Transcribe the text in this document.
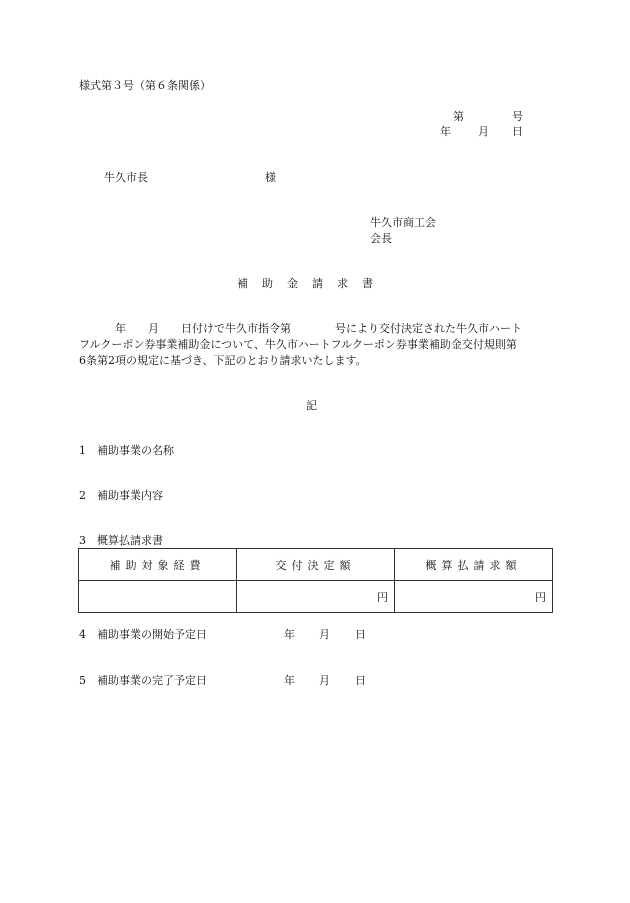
様式第３号（第６条関係）
第	号
年 月 日
牛久市長	様
牛久市商工会
会長
補助金請求書
年 月 日付けで牛久市指令第	号により交付決定された牛久市ハート
フルクーポン券事業補助金について、牛久市ハートフルクーポン券事業補助金交付規則第
6条第2項の規定に基づき、下記のとおり請求いたします。
記
1 補助事業の名称
2 補助事業内容
3 概算払請求書
補助対象経費	交付決定額	概算払請求額
	円	円
4 補助事業の開始予定日	年 月 日
5 補助事業の完了予定日	年 月 日
